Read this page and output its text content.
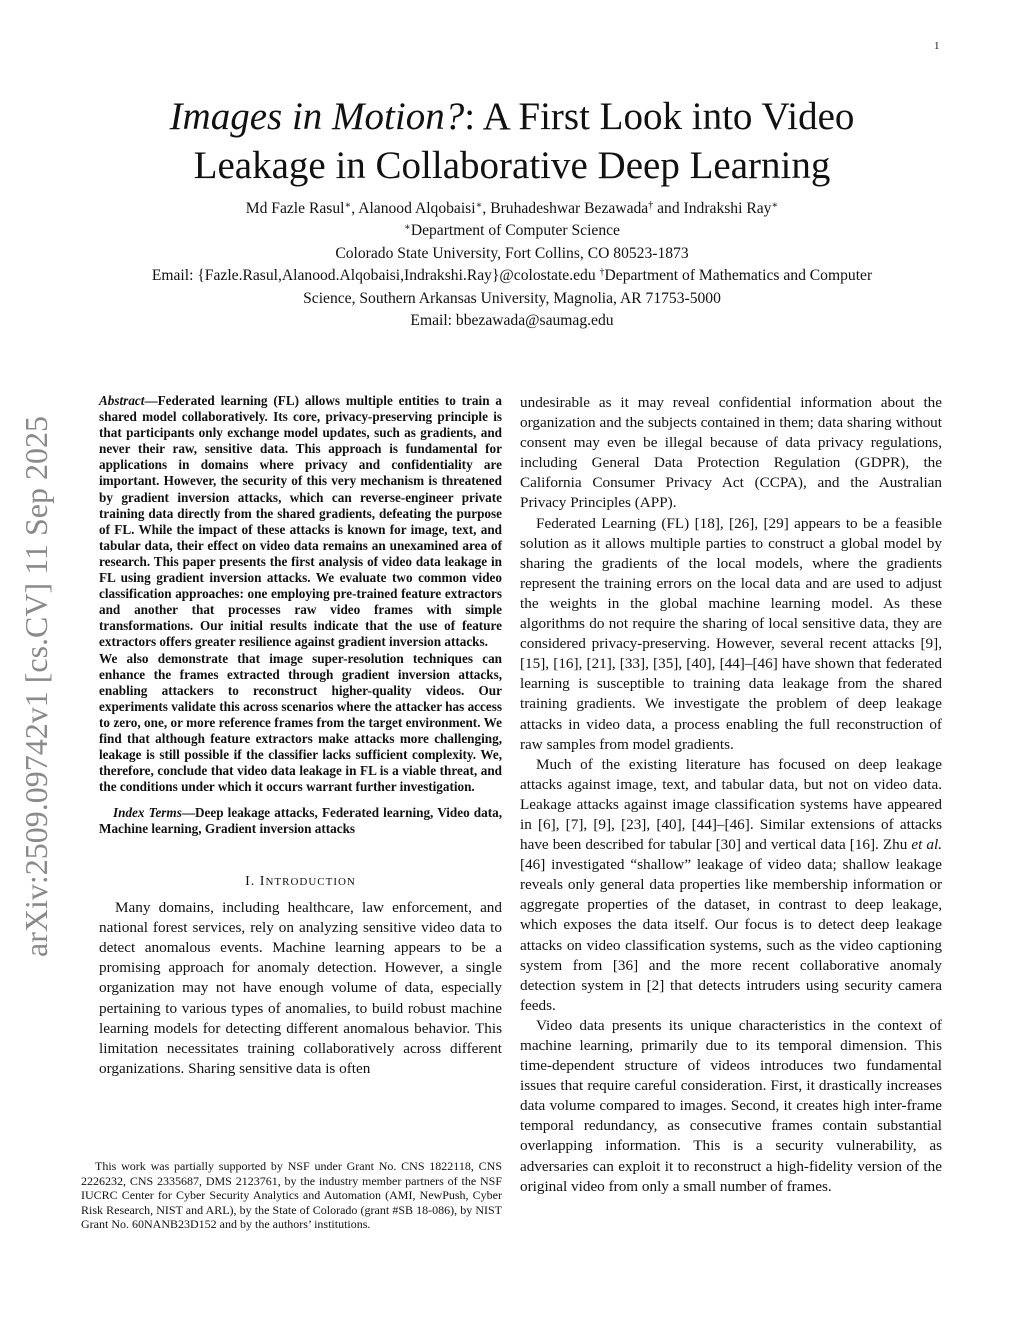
1
Images in Motion?: A First Look into Video
Leakage in Collaborative Deep Learning
Md Fazle Rasul∗, Alanood Alqobaisi∗, Bruhadeshwar Bezawada† and Indrakshi Ray∗
∗Department of Computer Science
Colorado State University, Fort Collins, CO 80523-1873
Email: {Fazle.Rasul,Alanood.Alqobaisi,Indrakshi.Ray}@colostate.edu †Department of Mathematics and Computer
Science, Southern Arkansas University, Magnolia, AR 71753-5000
Email: bbezawada@saumag.edu
arXiv:2509.09742v1 [cs.CV] 11 Sep 2025

Abstract—Federated learning (FL) allows multiple entities to train a shared model collaboratively. Its core, privacy-preserving principle is that participants only exchange model updates, such as gradients, and never their raw, sensitive data. This approach is fundamental for applications in domains where privacy and confidentiality are important. However, the security of this very mechanism is threatened by gradient inversion attacks, which can reverse-engineer private training data directly from the shared gradients, defeating the purpose of FL. While the impact of these attacks is known for image, text, and tabular data, their effect on video data remains an unexamined area of research. This paper presents the first analysis of video data leakage in FL using gradient inversion attacks. We evaluate two common video classification approaches: one employing pre-trained feature extractors and another that processes raw video frames with simple transformations. Our initial results indicate that the use of feature extractors offers greater resilience against gradient inversion attacks.

We also demonstrate that image super-resolution techniques can enhance the frames extracted through gradient inversion attacks, enabling attackers to reconstruct higher-quality videos. Our experiments validate this across scenarios where the attacker has access to zero, one, or more reference frames from the target environment. We find that although feature extractors make attacks more challenging, leakage is still possible if the classifier lacks sufficient complexity. We, therefore, conclude that video data leakage in FL is a viable threat, and the conditions under which it occurs warrant further investigation.

Index Terms—Deep leakage attacks, Federated learning, Video data, Machine learning, Gradient inversion attacks

I. INTRODUCTION

Many domains, including healthcare, law enforcement, and national forest services, rely on analyzing sensitive video data to detect anomalous events. Machine learning appears to be a promising approach for anomaly detection. However, a single organization may not have enough volume of data, especially pertaining to various types of anomalies, to build robust machine learning models for detecting different anomalous behavior. This limitation necessitates training collaboratively across different organizations. Sharing sensitive data is often

This work was partially supported by NSF under Grant No. CNS 1822118, CNS 2226232, CNS 2335687, DMS 2123761, by the industry member partners of the NSF IUCRC Center for Cyber Security Analytics and Automation (AMI, NewPush, Cyber Risk Research, NIST and ARL), by the State of Colorado (grant #SB 18-086), by NIST Grant No. 60NANB23D152 and by the authors’ institutions.

undesirable as it may reveal confidential information about the organization and the subjects contained in them; data sharing without consent may even be illegal because of data privacy regulations, including General Data Protection Regulation (GDPR), the California Consumer Privacy Act (CCPA), and the Australian Privacy Principles (APP).

Federated Learning (FL) [18], [26], [29] appears to be a feasible solution as it allows multiple parties to construct a global model by sharing the gradients of the local models, where the gradients represent the training errors on the local data and are used to adjust the weights in the global machine learning model. As these algorithms do not require the sharing of local sensitive data, they are considered privacy-preserving. However, several recent attacks [9], [15], [16], [21], [33], [35], [40], [44]–[46] have shown that federated learning is susceptible to training data leakage from the shared training gradients. We investigate the problem of deep leakage attacks in video data, a process enabling the full reconstruction of raw samples from model gradients.

Much of the existing literature has focused on deep leakage attacks against image, text, and tabular data, but not on video data. Leakage attacks against image classification systems have appeared in [6], [7], [9], [23], [40], [44]–[46]. Similar extensions of attacks have been described for tabular [30] and vertical data [16]. Zhu et al. [46] investigated “shallow” leakage of video data; shallow leakage reveals only general data properties like membership information or aggregate properties of the dataset, in contrast to deep leakage, which exposes the data itself. Our focus is to detect deep leakage attacks on video classification systems, such as the video captioning system from [36] and the more recent collaborative anomaly detection system in [2] that detects intruders using security camera feeds.

Video data presents its unique characteristics in the context of machine learning, primarily due to its temporal dimension. This time-dependent structure of videos introduces two fundamental issues that require careful consideration. First, it drastically increases data volume compared to images. Second, it creates high inter-frame temporal redundancy, as consecutive frames contain substantial overlapping information. This is a security vulnerability, as adversaries can exploit it to reconstruct a high-fidelity version of the original video from only a small number of frames.
